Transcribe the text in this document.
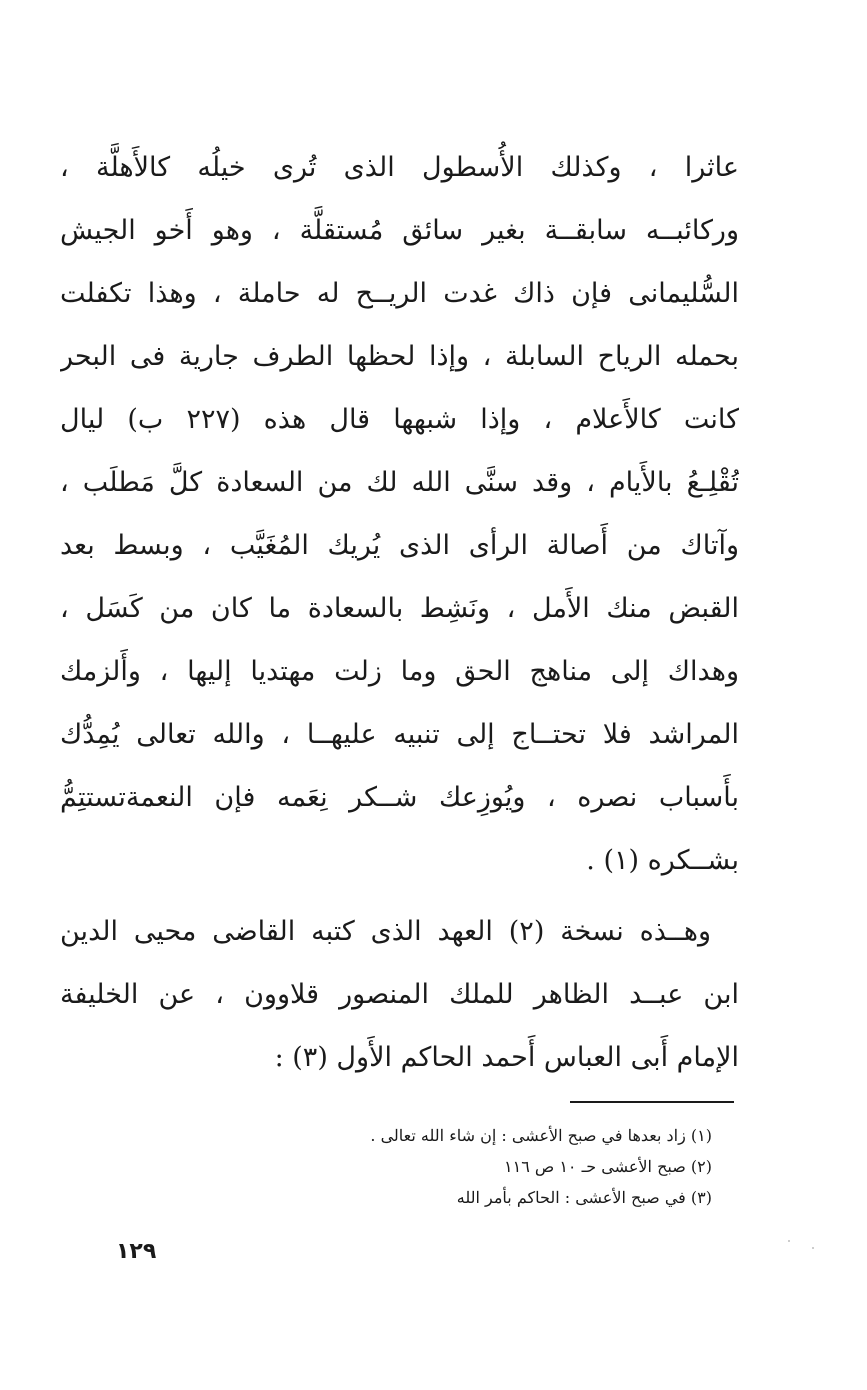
عاثرا ، وكذلك الأُسطول الذى تُرى خيلُه كالأَهلَّة ،
وركائبــه سابقــة بغير سائق مُستقلَّة ، وهو أَخو الجيش
السُّليمانى فإن ذاك غدت الريــح له حاملة ، وهذا تكفلت
بحمله الرياح السابلة ، وإذا لحظها الطرف جارية فى البحر
كانت كالأَعلام ، وإذا شبهها قال هذه (٢٢٧ ب) ليال
تُقْلِـعُ بالأَيام ، وقد سنَّى الله لك من السعادة كلَّ مَطلَب ،
وآتاك من أَصالة الرأى الذى يُريك المُغَيَّب ، وبسط بعد
القبض منك الأَمل ، ونَشِط بالسعادة ما كان من كَسَل ،
وهداك إلى مناهج الحق وما زلت مهتديا إليها ، وأَلزمك
المراشد فلا تحتــاج إلى تنبيه عليهــا ، والله تعالى يُمِدُّك
بأَسباب نصره ، ويُوزِعك شــكر نِعَمه فإن النعمةتستتِمُّ
بشــكره (١) .
وهــذه نسخة (٢) العهد الذى كتبه القاضى محيى الدين
ابن عبــد الظاهر للملك المنصور قلاوون ، عن الخليفة
الإمام أَبى العباس أَحمد الحاكم الأَول (٣) :
(١) زاد بعدها في صبح الأعشى : إن شاء الله تعالى .
(٢) صبح الأعشى حـ ١٠ ص ١١٦
(٣) في صبح الأعشى : الحاكم بأمر الله
١٢٩
